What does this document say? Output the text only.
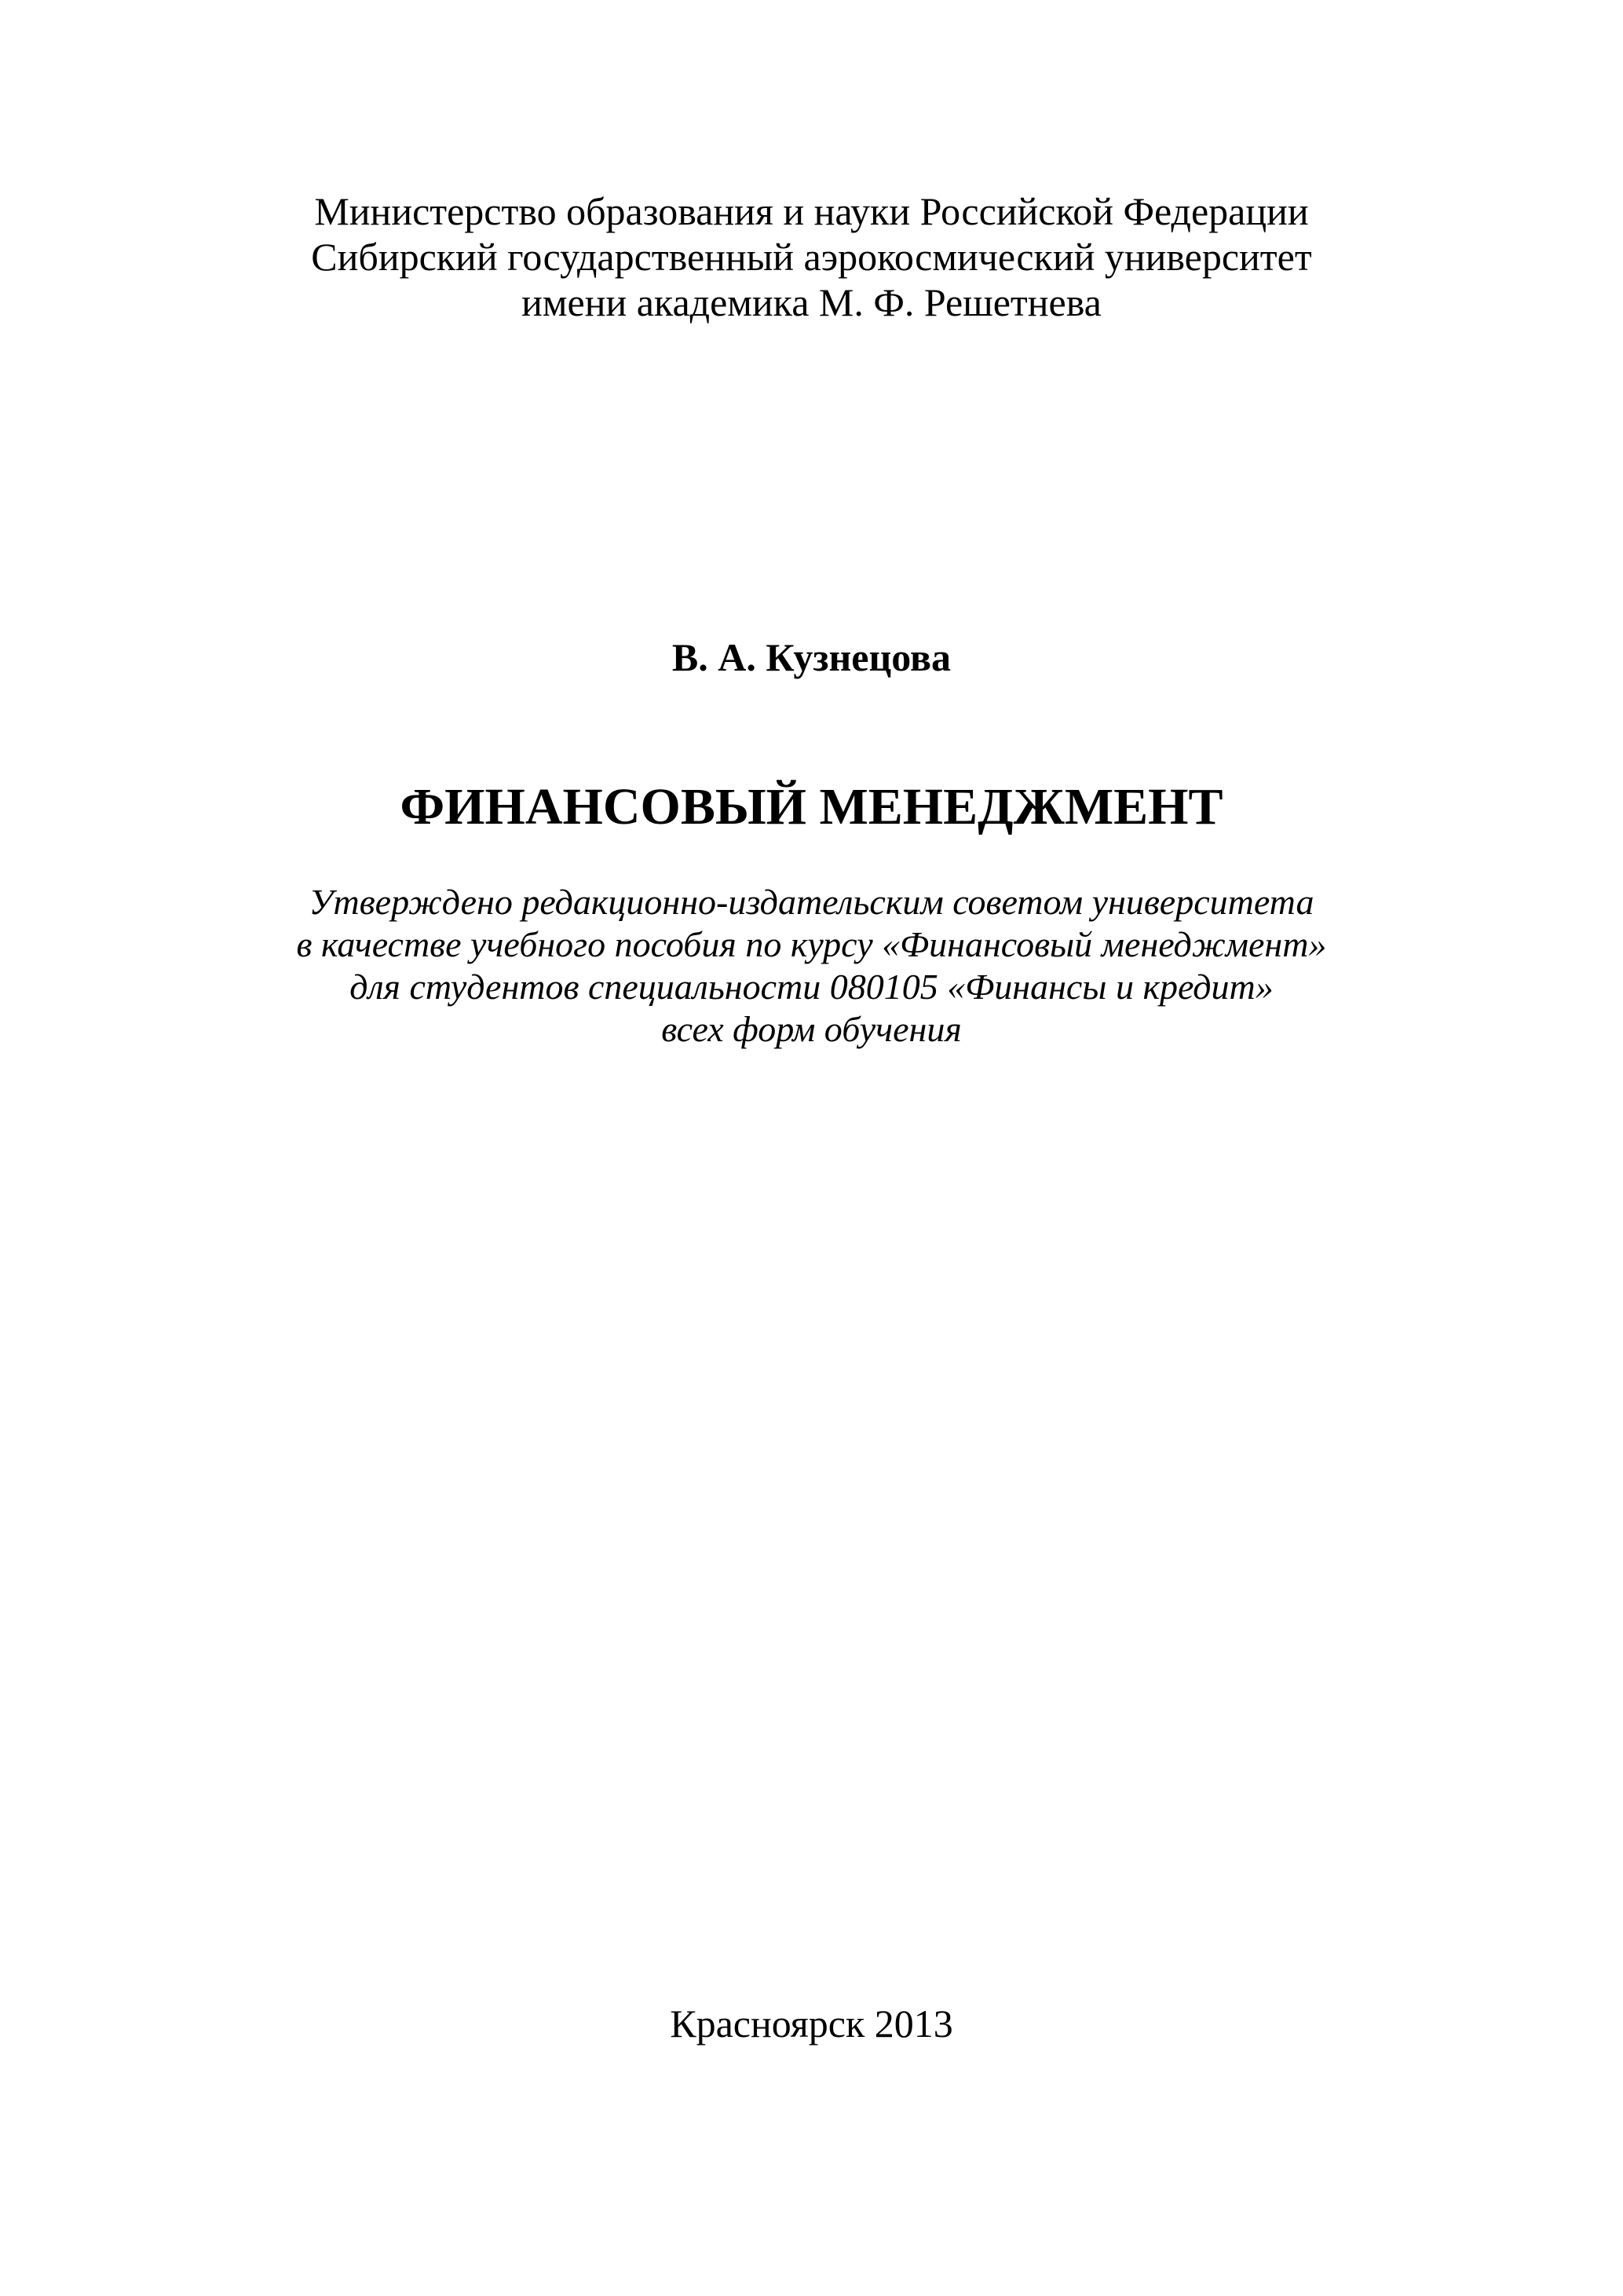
Министерство образования и науки Российской Федерации
Сибирский государственный аэрокосмический университет
имени академика М. Ф. Решетнева
В. А. Кузнецова
ФИНАНСОВЫЙ МЕНЕДЖМЕНТ
Утверждено редакционно-издательским советом университета
в качестве учебного пособия по курсу «Финансовый менеджмент»
для студентов специальности 080105 «Финансы и кредит»
всех форм обучения
Красноярск 2013
